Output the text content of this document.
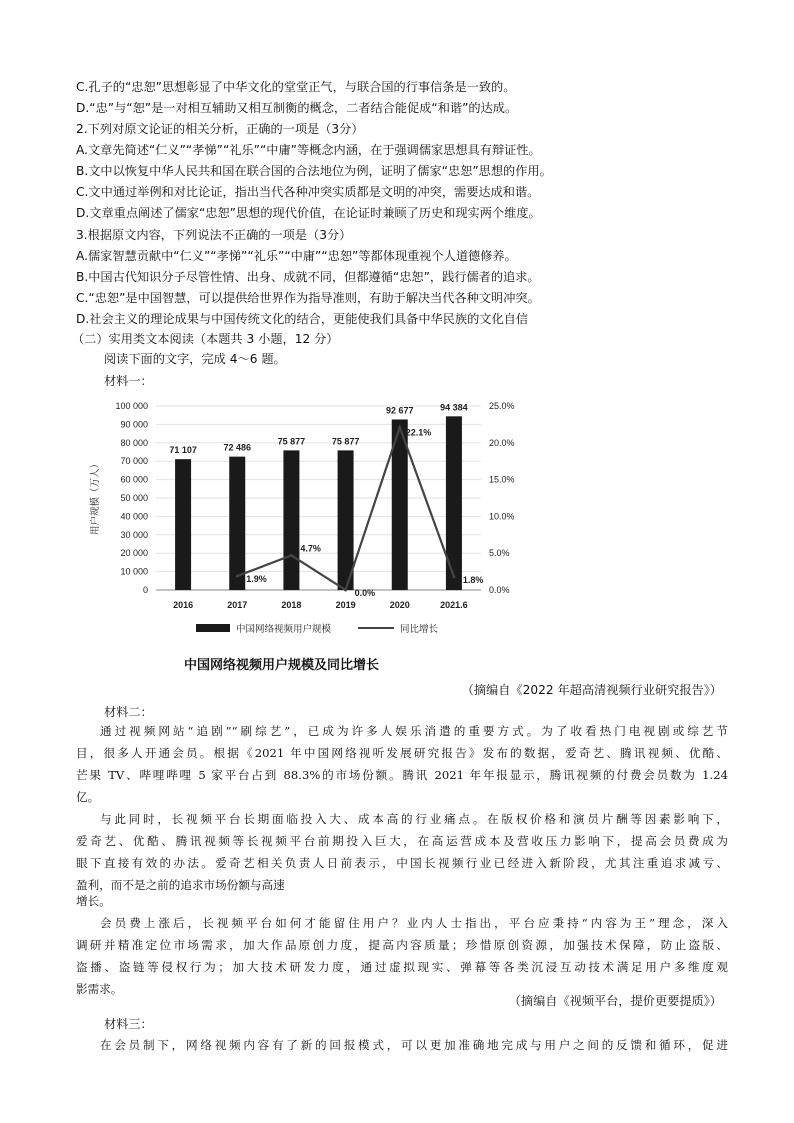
C.孔子的“忠恕”思想彰显了中华文化的堂堂正气，与联合国的行事信条是一致的。
D.“忠”与“恕”是一对相互辅助又相互制衡的概念，二者结合能促成“和谐”的达成。
2.下列对原文论证的相关分析，正确的一项是（3分）
A.文章先简述“仁义”“孝悌”“礼乐”“中庸”等概念内涵，在于强调儒家思想具有辩证性。
B.文中以恢复中华人民共和国在联合国的合法地位为例，证明了儒家“忠恕”思想的作用。
C.文中通过举例和对比论证，指出当代各种冲突实质都是文明的冲突，需要达成和谐。
D.文章重点阐述了儒家“忠恕”思想的现代价值，在论证时兼顾了历史和现实两个维度。
3.根据原文内容，下列说法不正确的一项是（3分）
A.儒家智慧贡献中“仁义”“孝悌”“礼乐”“中庸”“忠恕”等都体现重视个人道德修养。
B.中国古代知识分子尽管性情、出身、成就不同，但都遵循“忠恕”，践行儒者的追求。
C.“忠恕”是中国智慧，可以提供给世界作为指导准则，有助于解决当代各种文明冲突。
D.社会主义的理论成果与中国传统文化的结合，更能使我们具备中华民族的文化自信
（二）实用类文本阅读（本题共 3 小题，12 分）
阅读下面的文字，完成 4～6 题。
材料一：
0
10 000
20 000
30 000
40 000
50 000
60 000
70 000
80 000
90 000
100 000
0.0%
5.0%
10.0%
15.0%
20.0%
25.0%
71 107	72 486
75 877	75 877
92 677	94 384
1.9%
4.7%
0.0%
22.1%
1.8%
2016	2017	2018	2019	2020	2021.6
用户规模（万人）
中国网络视频用户规模	同比增长
中国网络视频用户规模及同比增长
（摘编自《2022 年超高清视频行业研究报告》）
材料二：
通过视频网站“追剧”“刷综艺”，已成为许多人娱乐消遣的重要方式。为了收看热门电视剧或综艺节
目，很多人开通会员。根据《2021 年中国网络视听发展研究报告》发布的数据，爱奇艺、腾讯视频、优酷、
芒果 TV、哔哩哔哩 5 家平台占到 88.3%的市场份额。腾讯 2021 年年报显示，腾讯视频的付费会员数为 1.24
亿。
与此同时，长视频平台长期面临投入大、成本高的行业痛点。在版权价格和演员片酬等因素影响下，
爱奇艺、优酷、腾讯视频等长视频平台前期投入巨大，在高运营成本及营收压力影响下，提高会员费成为
眼下直接有效的办法。爱奇艺相关负责人日前表示，中国长视频行业已经进入新阶段，尤其注重追求减亏、
盈利，而不是之前的追求市场份额与高速
增长。
会员费上涨后，长视频平台如何才能留住用户？业内人士指出，平台应秉持“内容为王”理念，深入
调研并精准定位市场需求，加大作品原创力度，提高内容质量；珍惜原创资源，加强技术保障，防止盗版、
盗播、盗链等侵权行为；加大技术研发力度，通过虚拟现实、弹幕等各类沉浸互动技术满足用户多维度观
影需求。
（摘编自《视频平台，提价更要提质》）
材料三：
在会员制下，网络视频内容有了新的回报模式，可以更加准确地完成与用户之间的反馈和循环，促进
